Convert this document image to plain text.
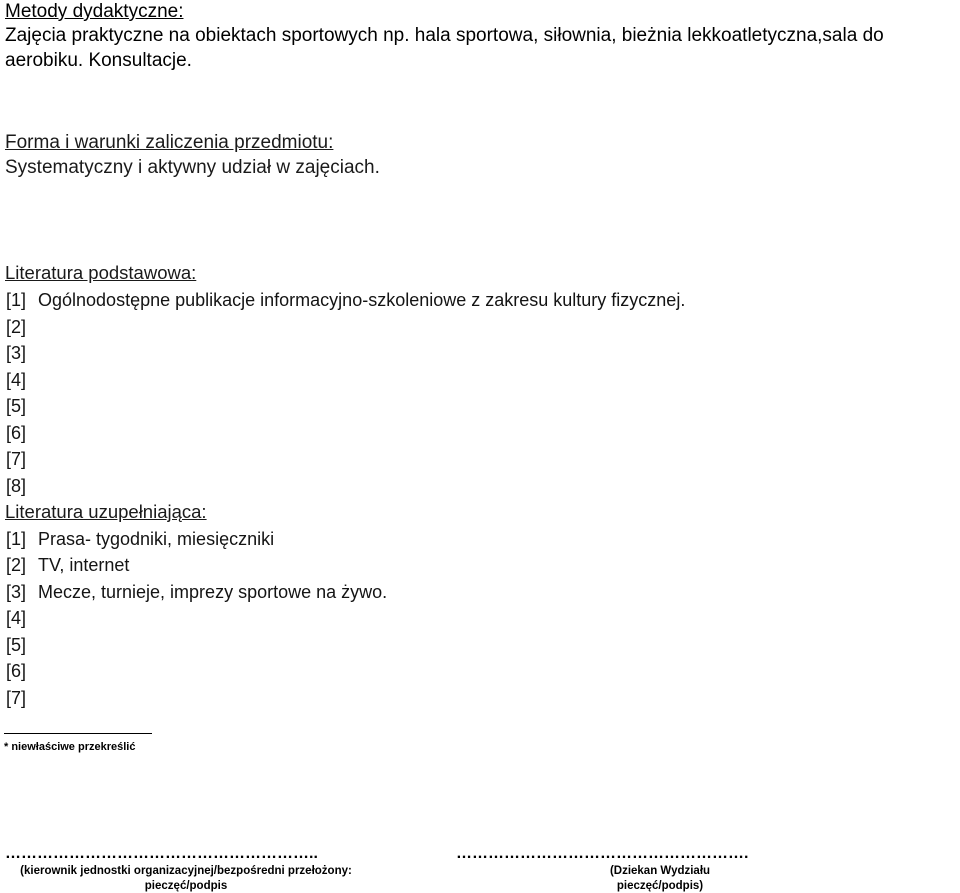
Metody dydaktyczne:
Zajęcia praktyczne na obiektach sportowych np. hala sportowa, siłownia, bieżnia lekkoatletyczna,sala do
aerobiku. Konsultacje.
Forma i warunki zaliczenia przedmiotu:
Systematyczny i aktywny udział w zajęciach.
Literatura podstawowa:
[1] Ogólnodostępne publikacje informacyjno-szkoleniowe z zakresu kultury fizycznej.
[2]
[3]
[4]
[5]
[6]
[7]
[8]
Literatura uzupełniająca:
[1] Prasa- tygodniki, miesięczniki
[2] TV, internet
[3] Mecze, turnieje, imprezy sportowe na żywo.
[4]
[5]
[6]
[7]
* niewłaściwe przekreślić
…………………………………………………..
(kierownik jednostki organizacyjnej/bezpośredni przełożony:
pieczęć/podpis
……………………………………………….
(Dziekan Wydziału
pieczęć/podpis)
